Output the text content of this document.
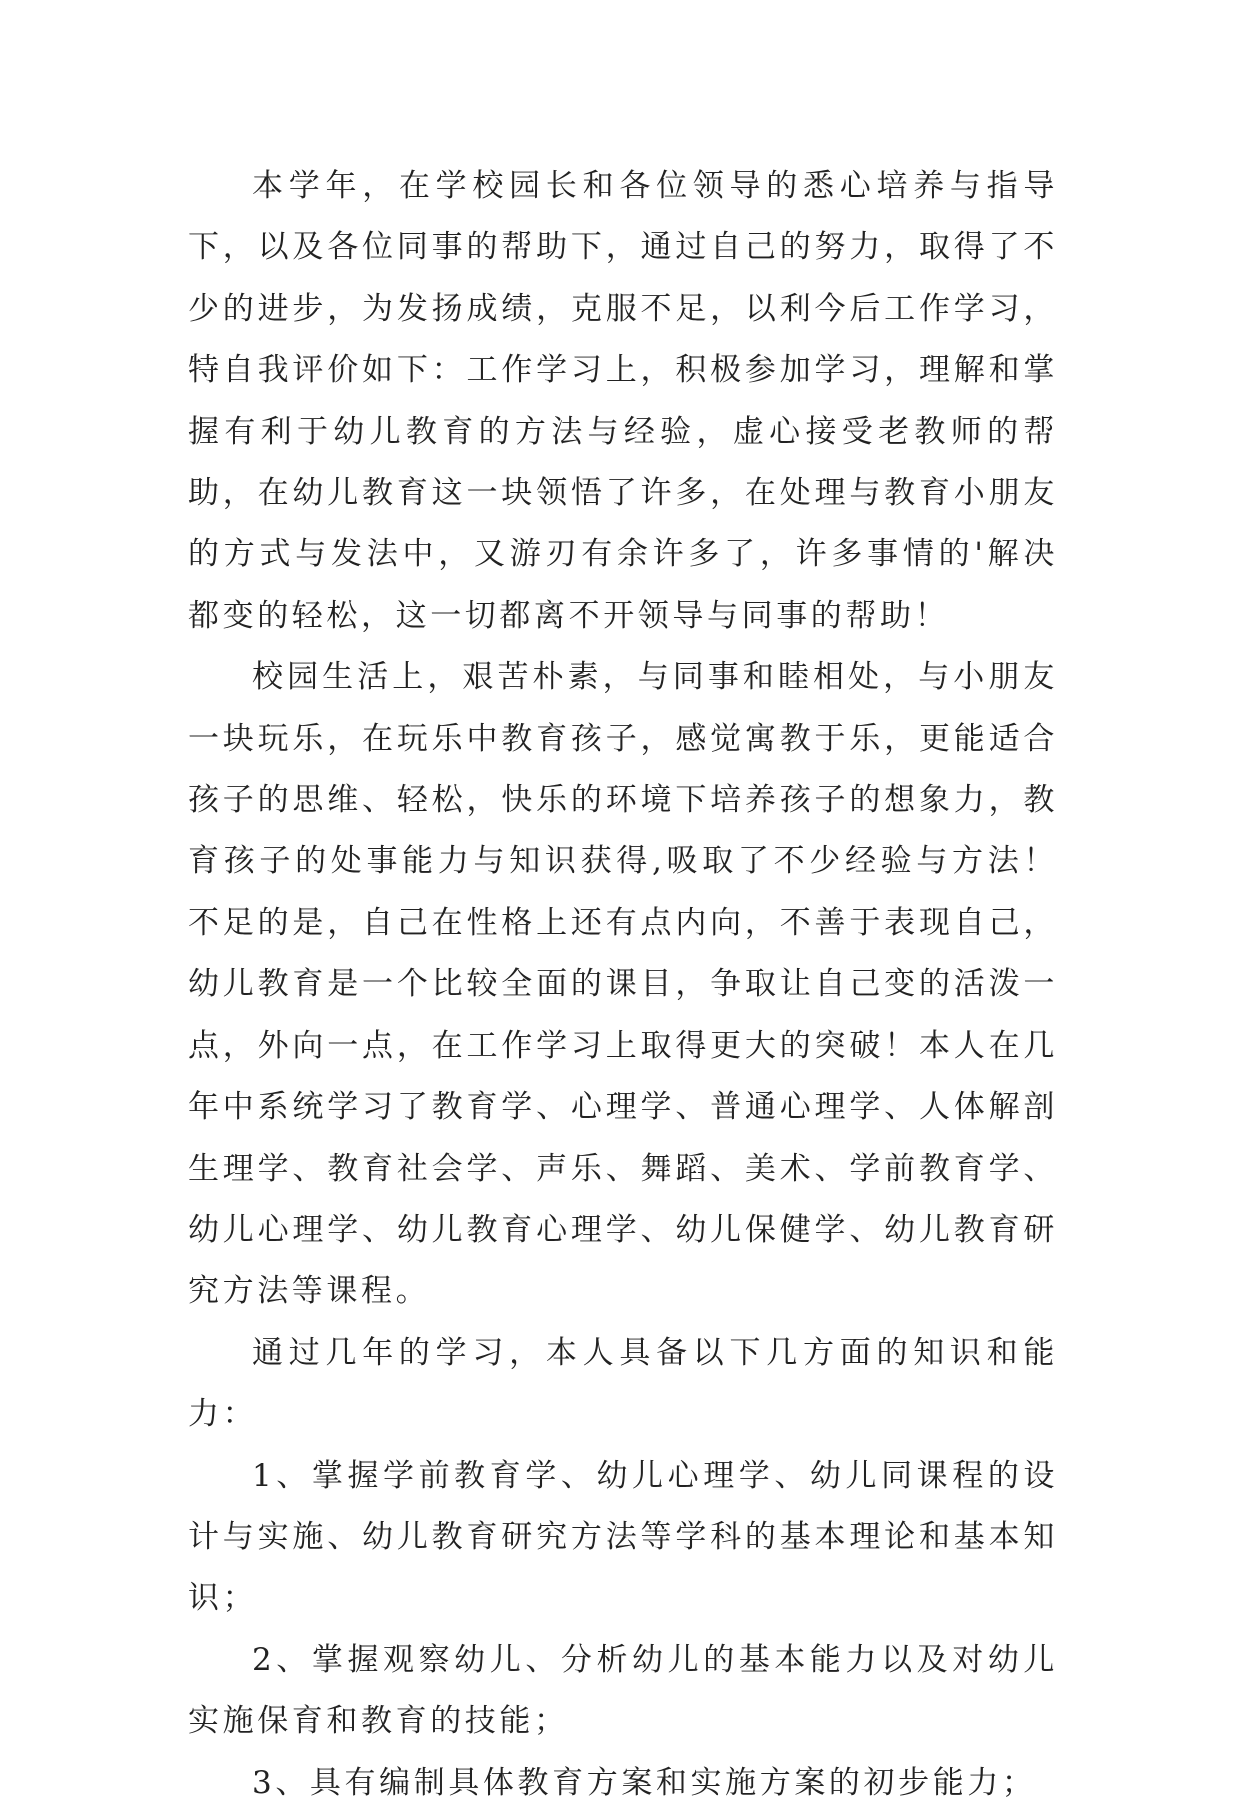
本学年，在学校园长和各位领导的悉心培养与指导下，以及各位同事的帮助下，通过自己的努力，取得了不少的进步，为发扬成绩，克服不足，以利今后工作学习，特自我评价如下：工作学习上，积极参加学习，理解和掌握有利于幼儿教育的方法与经验，虚心接受老教师的帮助，在幼儿教育这一块领悟了许多，在处理与教育小朋友的方式与发法中，又游刃有余许多了，许多事情的'解决都变的轻松，这一切都离不开领导与同事的帮助！

校园生活上，艰苦朴素，与同事和睦相处，与小朋友一块玩乐，在玩乐中教育孩子，感觉寓教于乐，更能适合孩子的思维、轻松，快乐的环境下培养孩子的想象力，教育孩子的处事能力与知识获得,吸取了不少经验与方法！不足的是，自己在性格上还有点内向，不善于表现自己，幼儿教育是一个比较全面的课目，争取让自己变的活泼一点，外向一点，在工作学习上取得更大的突破！本人在几年中系统学习了教育学、心理学、普通心理学、人体解剖生理学、教育社会学、声乐、舞蹈、美术、学前教育学、幼儿心理学、幼儿教育心理学、幼儿保健学、幼儿教育研究方法等课程。

通过几年的学习，本人具备以下几方面的知识和能力：

1、掌握学前教育学、幼儿心理学、幼儿同课程的设计与实施、幼儿教育研究方法等学科的基本理论和基本知识；

2、掌握观察幼儿、分析幼儿的基本能力以及对幼儿实施保育和教育的技能；

3、具有编制具体教育方案和实施方案的初步能力；
